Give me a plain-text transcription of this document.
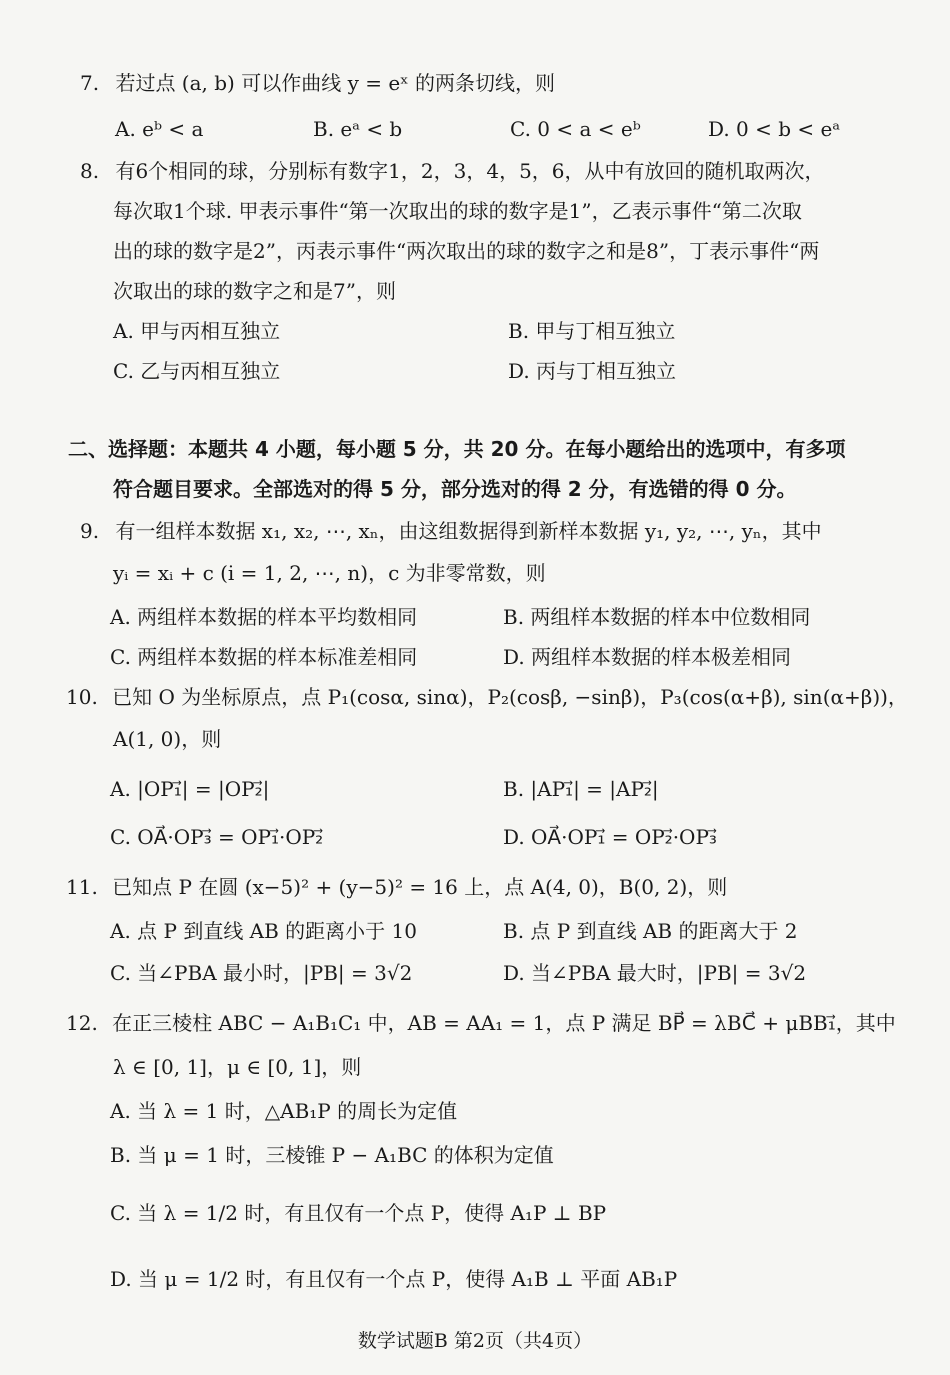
7. 若过点 (a, b) 可以作曲线 y = eˣ 的两条切线，则
A. eᵇ < a	B. eᵃ < b	C. 0 < a < eᵇ	D. 0 < b < eᵃ
8. 有6个相同的球，分别标有数字1，2，3，4，5，6，从中有放回的随机取两次，
每次取1个球. 甲表示事件“第一次取出的球的数字是1”，乙表示事件“第二次取
出的球的数字是2”，丙表示事件“两次取出的球的数字之和是8”，丁表示事件“两
次取出的球的数字之和是7”，则
A. 甲与丙相互独立	B. 甲与丁相互独立
C. 乙与丙相互独立	D. 丙与丁相互独立
二、选择题：本题共 4 小题，每小题 5 分，共 20 分。在每小题给出的选项中，有多项
符合题目要求。全部选对的得 5 分，部分选对的得 2 分，有选错的得 0 分。
9. 有一组样本数据 x₁, x₂, ⋯, xₙ，由这组数据得到新样本数据 y₁, y₂, ⋯, yₙ，其中
yᵢ = xᵢ + c (i = 1, 2, ⋯, n)，c 为非零常数，则
A. 两组样本数据的样本平均数相同	B. 两组样本数据的样本中位数相同
C. 两组样本数据的样本标准差相同	D. 两组样本数据的样本极差相同
10. 已知 O 为坐标原点，点 P₁(cosα, sinα)，P₂(cosβ, −sinβ)，P₃(cos(α+β), sin(α+β))，
A(1, 0)，则
A. |OP₁⃗| = |OP₂⃗|	B. |AP₁⃗| = |AP₂⃗|
C. OA⃗·OP₃⃗ = OP₁⃗·OP₂⃗	D. OA⃗·OP₁⃗ = OP₂⃗·OP₃⃗
11. 已知点 P 在圆 (x−5)² + (y−5)² = 16 上，点 A(4, 0)，B(0, 2)，则
A. 点 P 到直线 AB 的距离小于 10	B. 点 P 到直线 AB 的距离大于 2
C. 当∠PBA 最小时，|PB| = 3√2	D. 当∠PBA 最大时，|PB| = 3√2
12. 在正三棱柱 ABC − A₁B₁C₁ 中，AB = AA₁ = 1，点 P 满足 BP⃗ = λBC⃗ + μBB₁⃗，其中
λ ∈ [0, 1]，μ ∈ [0, 1]，则
A. 当 λ = 1 时，△AB₁P 的周长为定值
B. 当 μ = 1 时，三棱锥 P − A₁BC 的体积为定值
C. 当 λ = 1/2 时，有且仅有一个点 P，使得 A₁P ⊥ BP
D. 当 μ = 1/2 时，有且仅有一个点 P，使得 A₁B ⊥ 平面 AB₁P
数学试题B 第2页（共4页）
